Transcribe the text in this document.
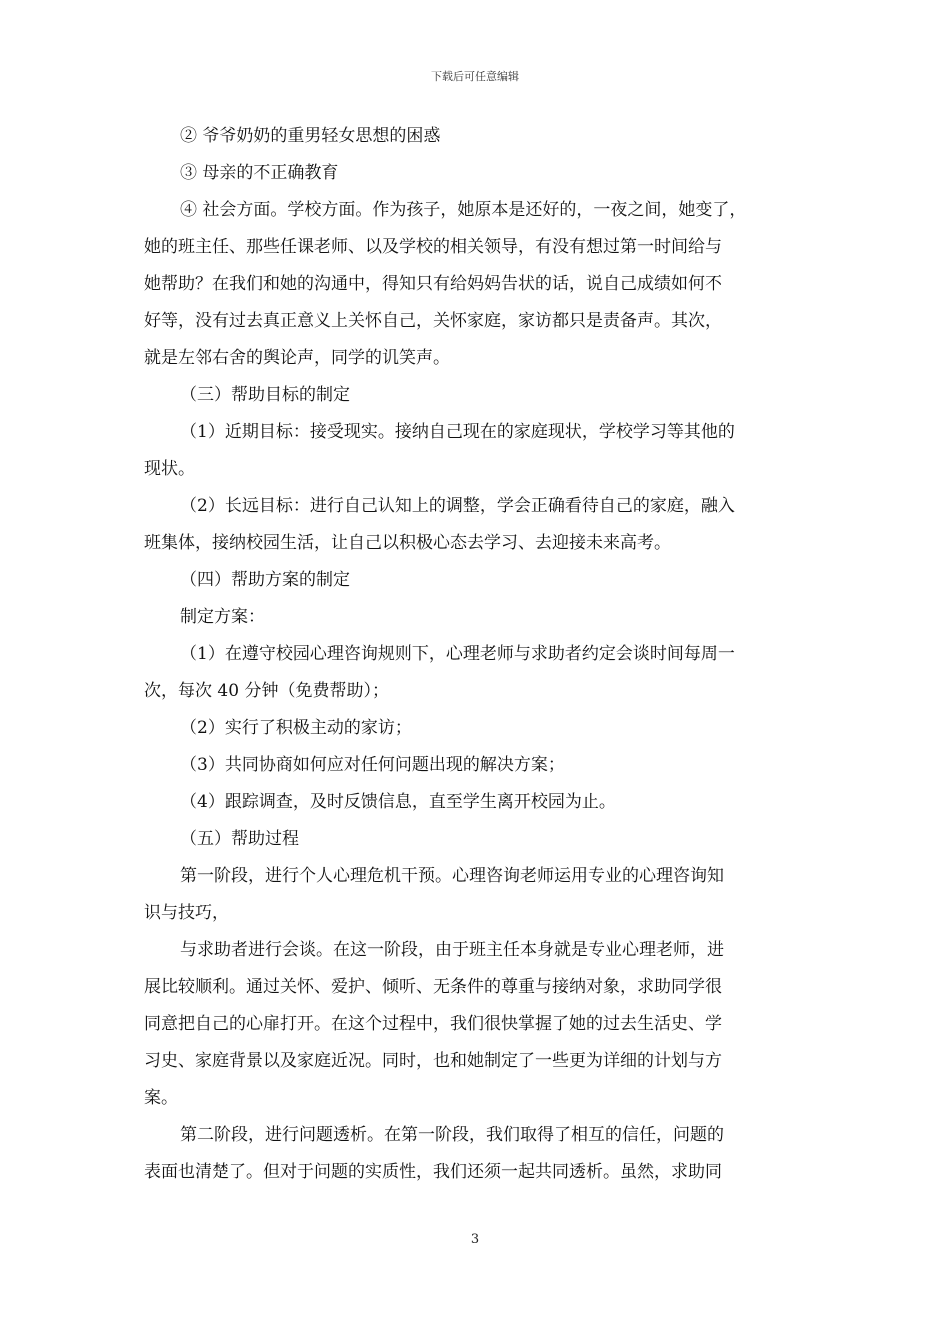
下载后可任意编辑
② 爷爷奶奶的重男轻女思想的困惑
③ 母亲的不正确教育
④ 社会方面。学校方面。作为孩子，她原本是还好的，一夜之间，她变了，
她的班主任、那些任课老师、以及学校的相关领导，有没有想过第一时间给与
她帮助？在我们和她的沟通中，得知只有给妈妈告状的话，说自己成绩如何不
好等，没有过去真正意义上关怀自己，关怀家庭，家访都只是责备声。其次，
就是左邻右舍的舆论声，同学的讥笑声。
（三）帮助目标的制定
（1）近期目标：接受现实。接纳自己现在的家庭现状，学校学习等其他的
现状。
（2）长远目标：进行自己认知上的调整，学会正确看待自己的家庭，融入
班集体，接纳校园生活，让自己以积极心态去学习、去迎接未来高考。
（四）帮助方案的制定
制定方案：
（1）在遵守校园心理咨询规则下，心理老师与求助者约定会谈时间每周一
次，每次 40 分钟（免费帮助）；
（2）实行了积极主动的家访；
（3）共同协商如何应对任何问题出现的解决方案；
（4）跟踪调查，及时反馈信息，直至学生离开校园为止。
（五）帮助过程
第一阶段，进行个人心理危机干预。心理咨询老师运用专业的心理咨询知
识与技巧，
与求助者进行会谈。在这一阶段，由于班主任本身就是专业心理老师，进
展比较顺利。通过关怀、爱护、倾听、无条件的尊重与接纳对象，求助同学很
同意把自己的心扉打开。在这个过程中，我们很快掌握了她的过去生活史、学
习史、家庭背景以及家庭近况。同时，也和她制定了一些更为详细的计划与方
案。
第二阶段，进行问题透析。在第一阶段，我们取得了相互的信任，问题的
表面也清楚了。但对于问题的实质性，我们还须一起共同透析。虽然，求助同
3
